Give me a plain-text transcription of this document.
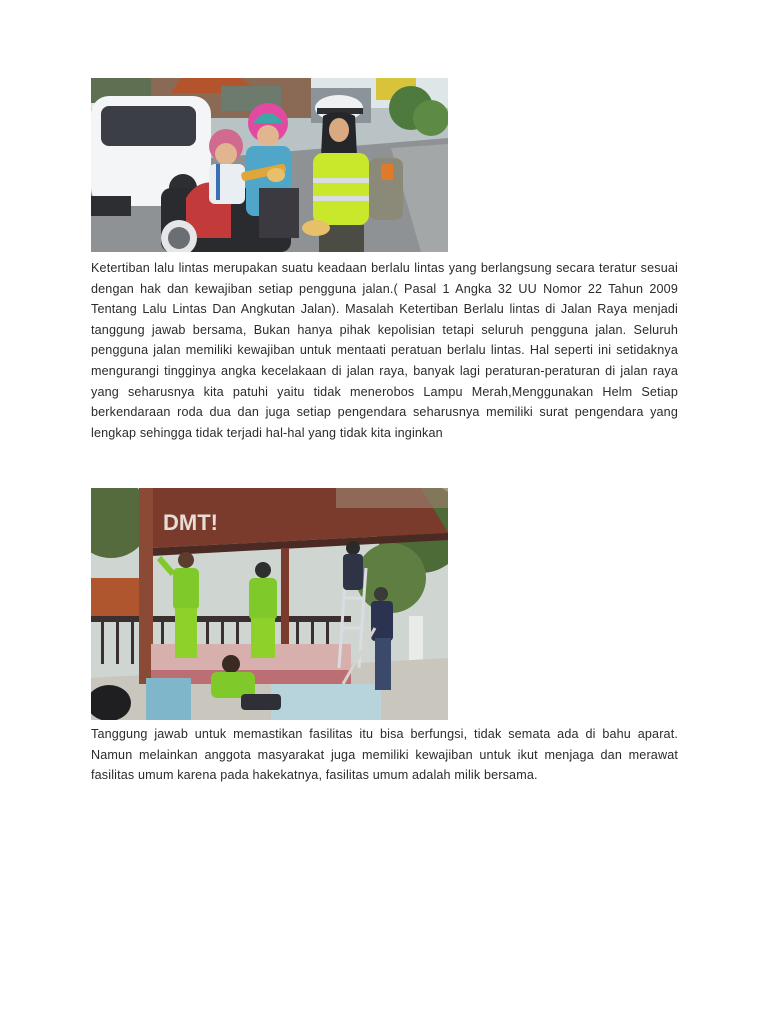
Ketertiban lalu lintas merupakan suatu keadaan berlalu lintas yang berlangsung secara teratur sesuai dengan hak dan kewajiban setiap pengguna jalan.( Pasal 1 Angka 32 UU Nomor 22 Tahun 2009 Tentang Lalu Lintas Dan Angkutan Jalan). Masalah Ketertiban Berlalu lintas di Jalan Raya menjadi tanggung jawab bersama, Bukan hanya pihak kepolisian tetapi seluruh pengguna jalan. Seluruh pengguna jalan memiliki kewajiban untuk mentaati peratuan berlalu lintas. Hal seperti ini setidaknya mengurangi tingginya angka kecelakaan di jalan raya, banyak lagi peraturan-peraturan di jalan raya yang seharusnya kita patuhi yaitu tidak menerobos Lampu Merah,Menggunakan Helm Setiap berkendaraan roda dua dan juga setiap pengendara seharusnya memiliki surat pengendara yang lengkap sehingga tidak terjadi hal-hal yang tidak kita inginkan

DMT!

Tanggung jawab untuk memastikan fasilitas itu bisa berfungsi, tidak semata ada di bahu aparat. Namun melainkan anggota masyarakat juga memiliki kewajiban untuk ikut menjaga dan merawat fasilitas umum karena pada hakekatnya, fasilitas umum adalah milik bersama.
